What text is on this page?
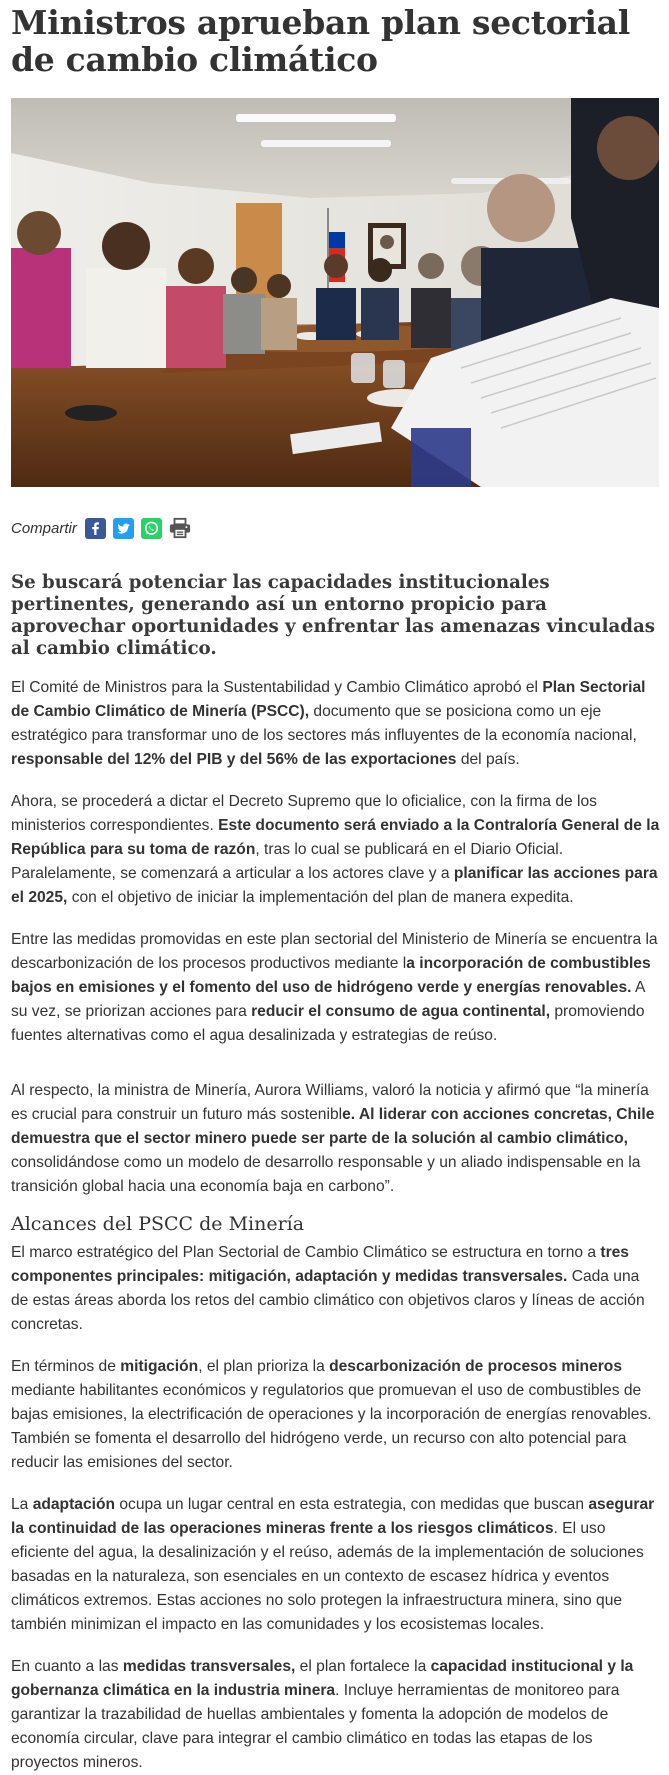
Ministros aprueban plan sectorial de cambio climático
Compartir

Se buscará potenciar las capacidades institucionales pertinentes, generando así un entorno propicio para aprovechar oportunidades y enfrentar las amenazas vinculadas al cambio climático.

El Comité de Ministros para la Sustentabilidad y Cambio Climático aprobó el Plan Sectorial de Cambio Climático de Minería (PSCC), documento que se posiciona como un eje estratégico para transformar uno de los sectores más influyentes de la economía nacional, responsable del 12% del PIB y del 56% de las exportaciones del país.

Ahora, se procederá a dictar el Decreto Supremo que lo oficialice, con la firma de los ministerios correspondientes. Este documento será enviado a la Contraloría General de la República para su toma de razón, tras lo cual se publicará en el Diario Oficial. Paralelamente, se comenzará a articular a los actores clave y a planificar las acciones para el 2025, con el objetivo de iniciar la implementación del plan de manera expedita.

Entre las medidas promovidas en este plan sectorial del Ministerio de Minería se encuentra la descarbonización de los procesos productivos mediante la incorporación de combustibles bajos en emisiones y el fomento del uso de hidrógeno verde y energías renovables. A su vez, se priorizan acciones para reducir el consumo de agua continental, promoviendo fuentes alternativas como el agua desalinizada y estrategias de reúso.

Al respecto, la ministra de Minería, Aurora Williams, valoró la noticia y afirmó que “la minería es crucial para construir un futuro más sostenible. Al liderar con acciones concretas, Chile demuestra que el sector minero puede ser parte de la solución al cambio climático, consolidándose como un modelo de desarrollo responsable y un aliado indispensable en la transición global hacia una economía baja en carbono”.

Alcances del PSCC de Minería

El marco estratégico del Plan Sectorial de Cambio Climático se estructura en torno a tres componentes principales: mitigación, adaptación y medidas transversales. Cada una de estas áreas aborda los retos del cambio climático con objetivos claros y líneas de acción concretas.

En términos de mitigación, el plan prioriza la descarbonización de procesos mineros mediante habilitantes económicos y regulatorios que promuevan el uso de combustibles de bajas emisiones, la electrificación de operaciones y la incorporación de energías renovables. También se fomenta el desarrollo del hidrógeno verde, un recurso con alto potencial para reducir las emisiones del sector.

La adaptación ocupa un lugar central en esta estrategia, con medidas que buscan asegurar la continuidad de las operaciones mineras frente a los riesgos climáticos. El uso eficiente del agua, la desalinización y el reúso, además de la implementación de soluciones basadas en la naturaleza, son esenciales en un contexto de escasez hídrica y eventos climáticos extremos. Estas acciones no solo protegen la infraestructura minera, sino que también minimizan el impacto en las comunidades y los ecosistemas locales.

En cuanto a las medidas transversales, el plan fortalece la capacidad institucional y la gobernanza climática en la industria minera. Incluye herramientas de monitoreo para garantizar la trazabilidad de huellas ambientales y fomenta la adopción de modelos de economía circular, clave para integrar el cambio climático en todas las etapas de los proyectos mineros.
